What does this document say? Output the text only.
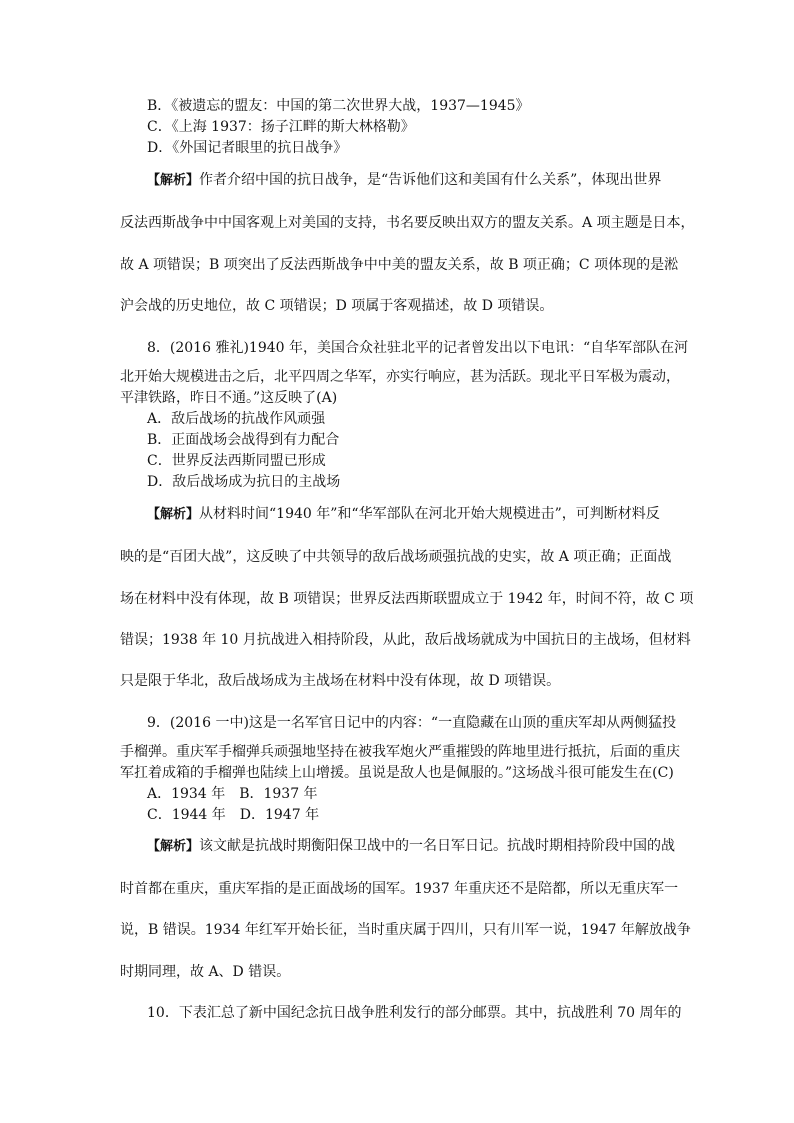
B．《被遗忘的盟友：中国的第二次世界大战，1937—1945》
C．《上海 1937：扬子江畔的斯大林格勒》
D．《外国记者眼里的抗日战争》
【解析】作者介绍中国的抗日战争，是“告诉他们这和美国有什么关系”，体现出世界
反法西斯战争中中国客观上对美国的支持，书名要反映出双方的盟友关系。A 项主题是日本，
故 A 项错误；B 项突出了反法西斯战争中中美的盟友关系，故 B 项正确；C 项体现的是淞
沪会战的历史地位，故 C 项错误；D 项属于客观描述，故 D 项错误。
8．(2016 雅礼)1940 年，美国合众社驻北平的记者曾发出以下电讯：“自华军部队在河
北开始大规模进击之后，北平四周之华军，亦实行响应，甚为活跃。现北平日军极为震动，
平津铁路，昨日不通。”这反映了(A)
A．敌后战场的抗战作风顽强
B．正面战场会战得到有力配合
C．世界反法西斯同盟已形成
D．敌后战场成为抗日的主战场
【解析】从材料时间“1940 年”和“华军部队在河北开始大规模进击”，可判断材料反
映的是“百团大战”，这反映了中共领导的敌后战场顽强抗战的史实，故 A 项正确；正面战
场在材料中没有体现，故 B 项错误；世界反法西斯联盟成立于 1942 年，时间不符，故 C 项
错误；1938 年 10 月抗战进入相持阶段，从此，敌后战场就成为中国抗日的主战场，但材料
只是限于华北，敌后战场成为主战场在材料中没有体现，故 D 项错误。
9．(2016 一中)这是一名军官日记中的内容：“一直隐藏在山顶的重庆军却从两侧猛投
手榴弹。重庆军手榴弹兵顽强地坚持在被我军炮火严重摧毁的阵地里进行抵抗，后面的重庆
军扛着成箱的手榴弹也陆续上山增援。虽说是敌人也是佩服的。”这场战斗很可能发生在(C)
A．1934 年　B．1937 年
C．1944 年　D．1947 年
【解析】该文献是抗战时期衡阳保卫战中的一名日军日记。抗战时期相持阶段中国的战
时首都在重庆，重庆军指的是正面战场的国军。1937 年重庆还不是陪都，所以无重庆军一
说，B 错误。1934 年红军开始长征，当时重庆属于四川，只有川军一说，1947 年解放战争
时期同理，故 A、D 错误。
10．下表汇总了新中国纪念抗日战争胜利发行的部分邮票。其中，抗战胜利 70 周年的
